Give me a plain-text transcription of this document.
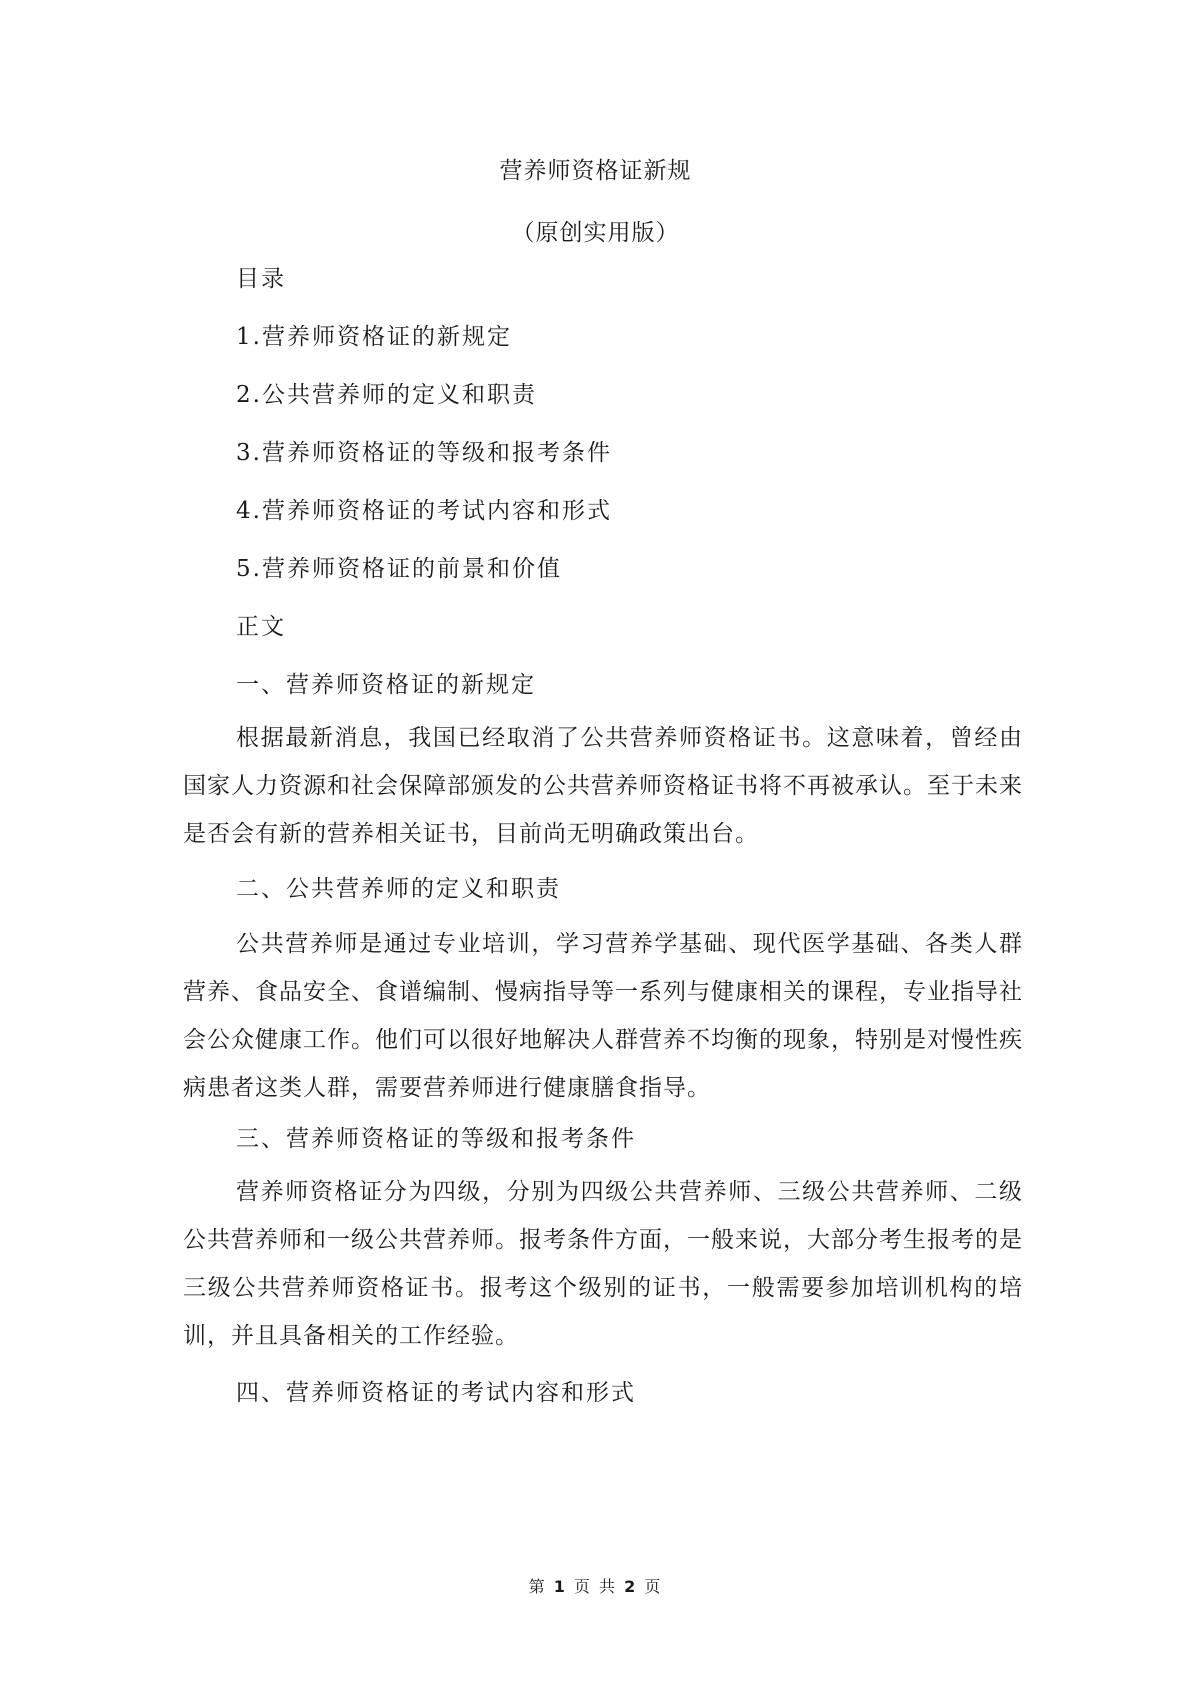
营养师资格证新规
（原创实用版）
目录
1.营养师资格证的新规定
2.公共营养师的定义和职责
3.营养师资格证的等级和报考条件
4.营养师资格证的考试内容和形式
5.营养师资格证的前景和价值
正文
一、营养师资格证的新规定
根据最新消息，我国已经取消了公共营养师资格证书。这意味着，曾经由国家人力资源和社会保障部颁发的公共营养师资格证书将不再被承认。至于未来是否会有新的营养相关证书，目前尚无明确政策出台。
二、公共营养师的定义和职责
公共营养师是通过专业培训，学习营养学基础、现代医学基础、各类人群营养、食品安全、食谱编制、慢病指导等一系列与健康相关的课程，专业指导社会公众健康工作。他们可以很好地解决人群营养不均衡的现象，特别是对慢性疾病患者这类人群，需要营养师进行健康膳食指导。
三、营养师资格证的等级和报考条件
营养师资格证分为四级，分别为四级公共营养师、三级公共营养师、二级公共营养师和一级公共营养师。报考条件方面，一般来说，大部分考生报考的是三级公共营养师资格证书。报考这个级别的证书，一般需要参加培训机构的培训，并且具备相关的工作经验。
四、营养师资格证的考试内容和形式
第 1 页 共 2 页
